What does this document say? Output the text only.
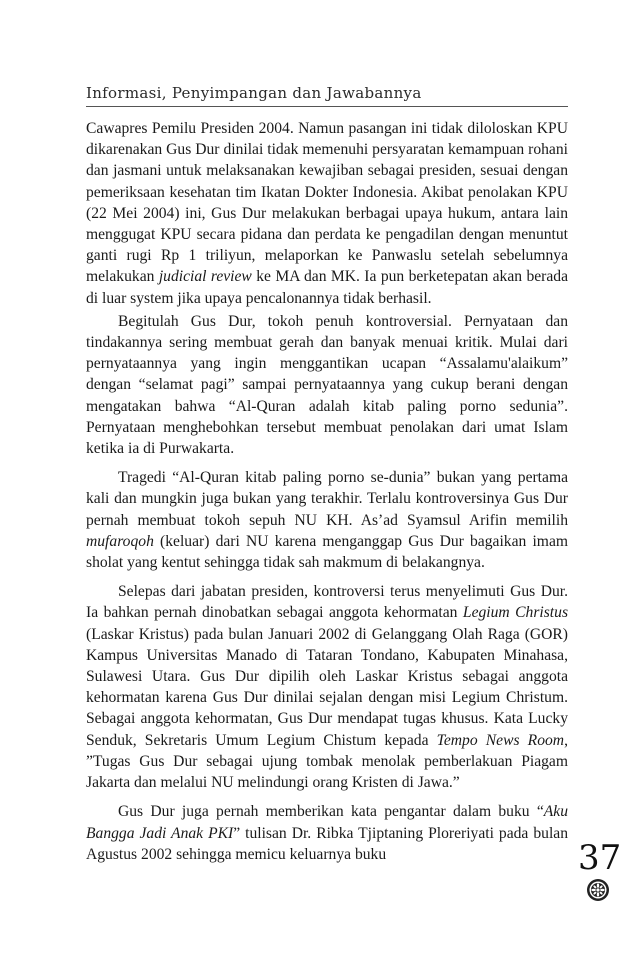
Informasi, Penyimpangan dan Jawabannya

Cawapres Pemilu Presiden 2004. Namun pasangan ini tidak diloloskan KPU dikarenakan Gus Dur dinilai tidak memenuhi persyaratan kemampuan rohani dan jasmani untuk melaksanakan kewajiban sebagai presiden, sesuai dengan pemeriksaan kesehatan tim Ikatan Dokter Indonesia. Akibat penolakan KPU (22 Mei 2004) ini, Gus Dur melakukan berbagai upaya hukum, antara lain menggugat KPU secara pidana dan perdata ke pengadilan dengan menuntut ganti rugi Rp 1 triliyun, melaporkan ke Panwaslu setelah sebelumnya melakukan judicial review ke MA dan MK. Ia pun berketepatan akan berada di luar system jika upaya pencalonannya tidak berhasil.

Begitulah Gus Dur, tokoh penuh kontroversial. Pernyataan dan tindakannya sering membuat gerah dan banyak menuai kritik. Mulai dari pernyataannya yang ingin menggantikan ucapan “Assalamu'alaikum” dengan “selamat pagi” sampai pernyataannya yang cukup berani dengan mengatakan bahwa “Al-Quran adalah kitab paling porno sedunia”. Pernyataan menghebohkan tersebut membuat penolakan dari umat Islam ketika ia di Purwakarta.

Tragedi “Al-Quran kitab paling porno se-dunia” bukan yang pertama kali dan mungkin juga bukan yang terakhir. Terlalu kontroversinya Gus Dur pernah membuat tokoh sepuh NU KH. As’ad Syamsul Arifin memilih mufaroqoh (keluar) dari NU karena menganggap Gus Dur bagaikan imam sholat yang kentut sehingga tidak sah makmum di belakangnya.

Selepas dari jabatan presiden, kontroversi terus menyelimuti Gus Dur. Ia bahkan pernah dinobatkan sebagai anggota kehormatan Legium Christus (Laskar Kristus) pada bulan Januari 2002 di Gelanggang Olah Raga (GOR) Kampus Universitas Manado di Tataran Tondano, Kabupaten Minahasa, Sulawesi Utara. Gus Dur dipilih oleh Laskar Kristus sebagai anggota kehormatan karena Gus Dur dinilai sejalan dengan misi Legium Christum. Sebagai anggota kehormatan, Gus Dur mendapat tugas khusus. Kata Lucky Senduk, Sekretaris Umum Legium Chistum kepada Tempo News Room, ”Tugas Gus Dur sebagai ujung tombak menolak pemberlakuan Piagam Jakarta dan melalui NU melindungi orang Kristen di Jawa.”

Gus Dur juga pernah memberikan kata pengantar dalam buku “Aku Bangga Jadi Anak PKI” tulisan Dr. Ribka Tjiptaning Ploreriyati pada bulan Agustus 2002 sehingga memicu keluarnya buku	37
